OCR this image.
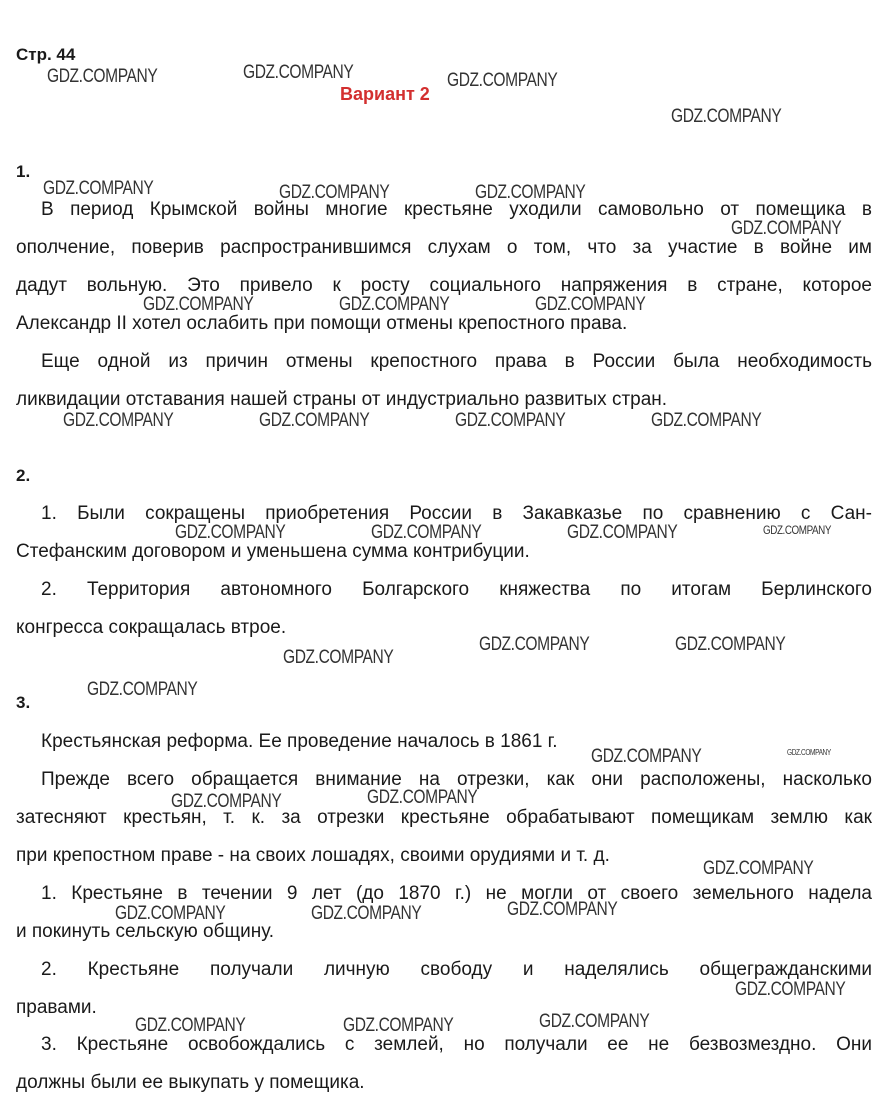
Стр. 44
Вариант 2
1.
В период Крымской войны многие крестьяне уходили самовольно от помещика в
ополчение, поверив распространившимся слухам о том, что за участие в войне им
дадут вольную. Это привело к росту социального напряжения в стране, которое
Александр II хотел ослабить при помощи отмены крепостного права.
Еще одной из причин отмены крепостного права в России была необходимость
ликвидации отставания нашей страны от индустриально развитых стран.
2.
1. Были сокращены приобретения России в Закавказье по сравнению с Сан-
Стефанским договором и уменьшена сумма контрибуции.
2. Территория автономного Болгарского княжества по итогам Берлинского
конгресса сокращалась втрое.
3.
Крестьянская реформа. Ее проведение началось в 1861 г.
Прежде всего обращается внимание на отрезки, как они расположены, насколько
затесняют крестьян, т. к. за отрезки крестьяне обрабатывают помещикам землю как
при крепостном праве - на своих лошадях, своими орудиями и т. д.
1. Крестьяне в течении 9 лет (до 1870 г.) не могли от своего земельного надела
и покинуть сельскую общину.
2. Крестьяне получали личную свободу и наделялись общегражданскими
правами.
3. Крестьяне освобождались с землей, но получали ее не безвозмездно. Они
должны были ее выкупать у помещика.
GDZ.COMPANY	GDZ.COMPANY	GDZ.COMPANY
GDZ.COMPANY
GDZ.COMPANY	GDZ.COMPANY	GDZ.COMPANY
GDZ.COMPANY
GDZ.COMPANY	GDZ.COMPANY	GDZ.COMPANY
GDZ.COMPANY	GDZ.COMPANY	GDZ.COMPANY	GDZ.COMPANY
GDZ.COMPANY	GDZ.COMPANY	GDZ.COMPANY	GDZ.COMPANY
GDZ.COMPANY
GDZ.COMPANY	GDZ.COMPANY
GDZ.COMPANY
GDZ.COMPANY	GDZ.COMPANY
GDZ.COMPANY	GDZ.COMPANY
GDZ.COMPANY
GDZ.COMPANY	GDZ.COMPANY	GDZ.COMPANY
GDZ.COMPANY
GDZ.COMPANY	GDZ.COMPANY	GDZ.COMPANY
